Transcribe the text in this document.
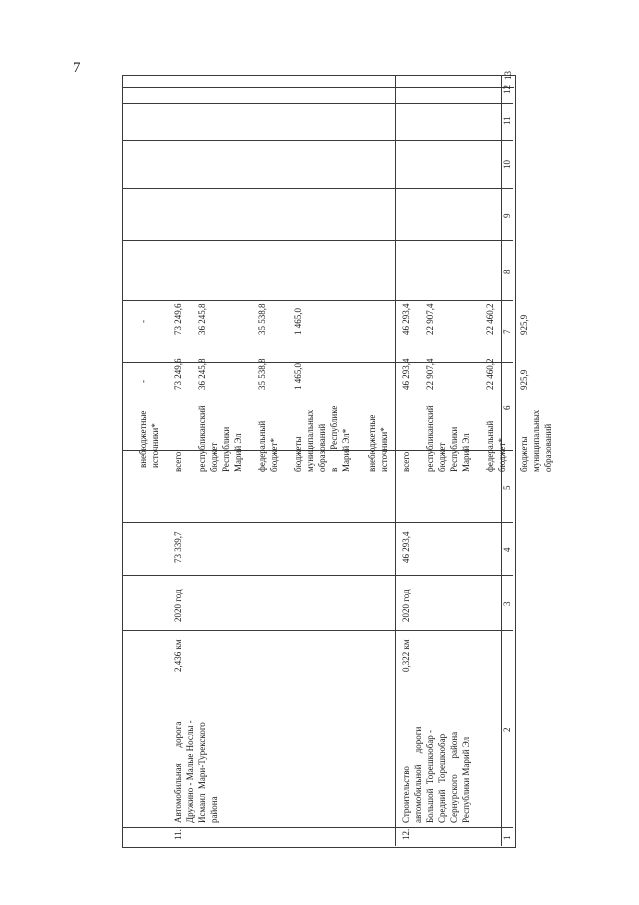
7
1
2
3
4
5
6
7
8
9
10
11
12
13
внебюджетные
источники*
-
-
11.
Автомобильная       дорога
Дружино - Малые Нослы -
Исмаил  Мари-Турекского
района
2,436 км
2020 год
73 339,7
всего
73 249,6
73 249,6
республиканский
бюджет
Республики
Марий Эл
36 245,8
36 245,8
федеральный
бюджет*
35 538,8
35 538,8
бюджеты
муниципальных
образований
в        Республике
Марий Эл*
1 465,0
1 465,0
внебюджетные
источники*
12.
Строительство
автомобильной     дороги
Большой  Торешкюбар -
Средний   Торешкюбар
Сернурского       района
Республики Марий Эл
0,322 км
2020 год
46 293,4
всего
46 293,4
46 293,4
республиканский
бюджет
Республики
Марий Эл
22 907,4
22 907,4
федеральный
бюджет*
22 460,2
22 460,2
бюджеты
муниципальных
образований
925,9
925,9
